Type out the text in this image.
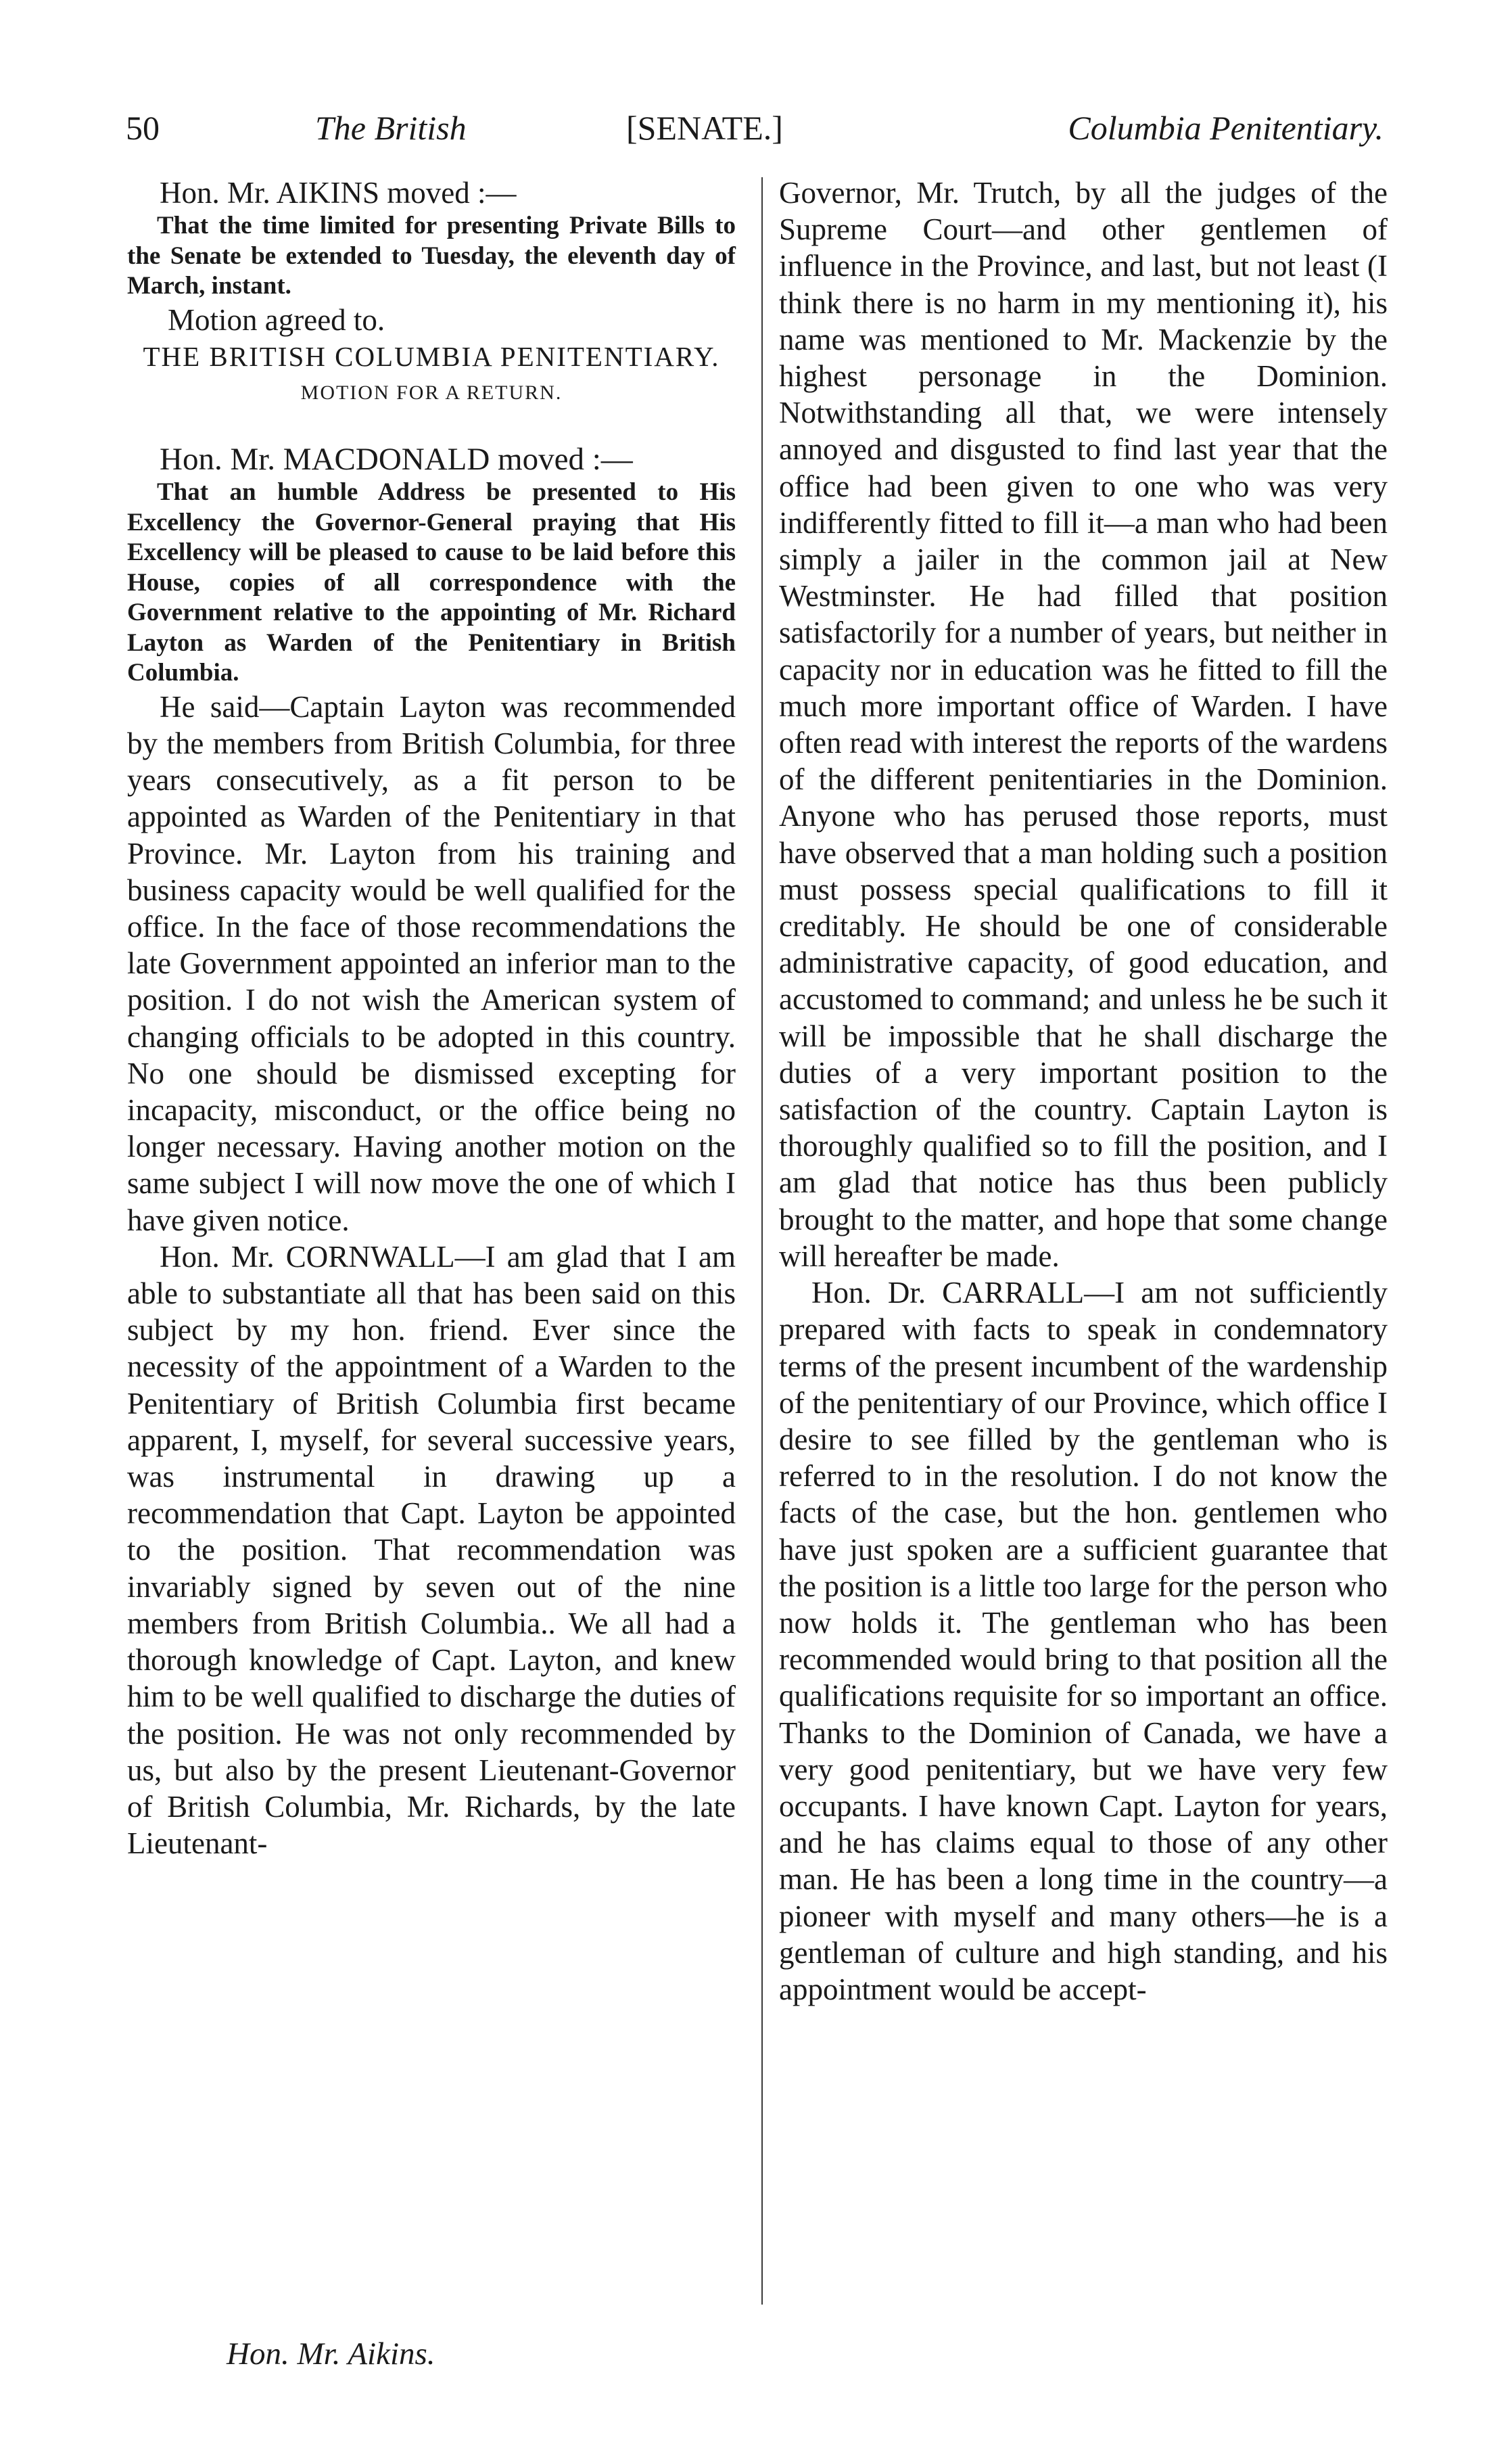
50	The British	[SENATE.]	Columbia Penitentiary.

Hon. Mr. AIKINS moved :—

That the time limited for presenting Private Bills to the Senate be extended to Tuesday, the eleventh day of March, instant.

Motion agreed to.

THE BRITISH COLUMBIA PENITENTIARY.

MOTION FOR A RETURN.

Hon. Mr. MACDONALD moved :—

That an humble Address be presented to His Excellency the Governor-General praying that His Excellency will be pleased to cause to be laid before this House, copies of all correspondence with the Government relative to the appointing of Mr. Richard Layton as Warden of the Penitentiary in British Columbia.

He said—Captain Layton was recommended by the members from British Columbia, for three years consecutively, as a fit person to be appointed as Warden of the Penitentiary in that Province. Mr. Layton from his training and business capacity would be well qualified for the office. In the face of those recommendations the late Government appointed an inferior man to the position. I do not wish the American system of changing officials to be adopted in this country. No one should be dismissed excepting for incapacity, misconduct, or the office being no longer necessary. Having another motion on the same subject I will now move the one of which I have given notice.

Hon. Mr. CORNWALL—I am glad that I am able to substantiate all that has been said on this subject by my hon. friend. Ever since the necessity of the appointment of a Warden to the Penitentiary of British Columbia first became apparent, I, myself, for several successive years, was instrumental in drawing up a recommendation that Capt. Layton be appointed to the position. That recommendation was invariably signed by seven out of the nine members from British Columbia.. We all had a thorough knowledge of Capt. Layton, and knew him to be well qualified to discharge the duties of the position. He was not only recommended by us, but also by the present Lieutenant-Governor of British Columbia, Mr. Richards, by the late Lieutenant-

Governor, Mr. Trutch, by all the judges of the Supreme Court—and other gentlemen of influence in the Province, and last, but not least (I think there is no harm in my mentioning it), his name was mentioned to Mr. Mackenzie by the highest personage in the Dominion. Notwithstanding all that, we were intensely annoyed and disgusted to find last year that the office had been given to one who was very indifferently fitted to fill it—a man who had been simply a jailer in the common jail at New Westminster. He had filled that position satisfactorily for a number of years, but neither in capacity nor in education was he fitted to fill the much more important office of Warden. I have often read with interest the reports of the wardens of the different penitentiaries in the Dominion. Anyone who has perused those reports, must have observed that a man holding such a position must possess special qualifications to fill it creditably. He should be one of considerable administrative capacity, of good education, and accustomed to command; and unless he be such it will be impossible that he shall discharge the duties of a very important position to the satisfaction of the country. Captain Layton is thoroughly qualified so to fill the position, and I am glad that notice has thus been publicly brought to the matter, and hope that some change will hereafter be made.

Hon. Dr. CARRALL—I am not sufficiently prepared with facts to speak in condemnatory terms of the present incumbent of the wardenship of the penitentiary of our Province, which office I desire to see filled by the gentleman who is referred to in the resolution. I do not know the facts of the case, but the hon. gentlemen who have just spoken are a sufficient guarantee that the position is a little too large for the person who now holds it. The gentleman who has been recommended would bring to that position all the qualifications requisite for so important an office. Thanks to the Dominion of Canada, we have a very good penitentiary, but we have very few occupants. I have known Capt. Layton for years, and he has claims equal to those of any other man. He has been a long time in the country—a pioneer with myself and many others—he is a gentleman of culture and high standing, and his appointment would be accept-

Hon. Mr. Aikins.
